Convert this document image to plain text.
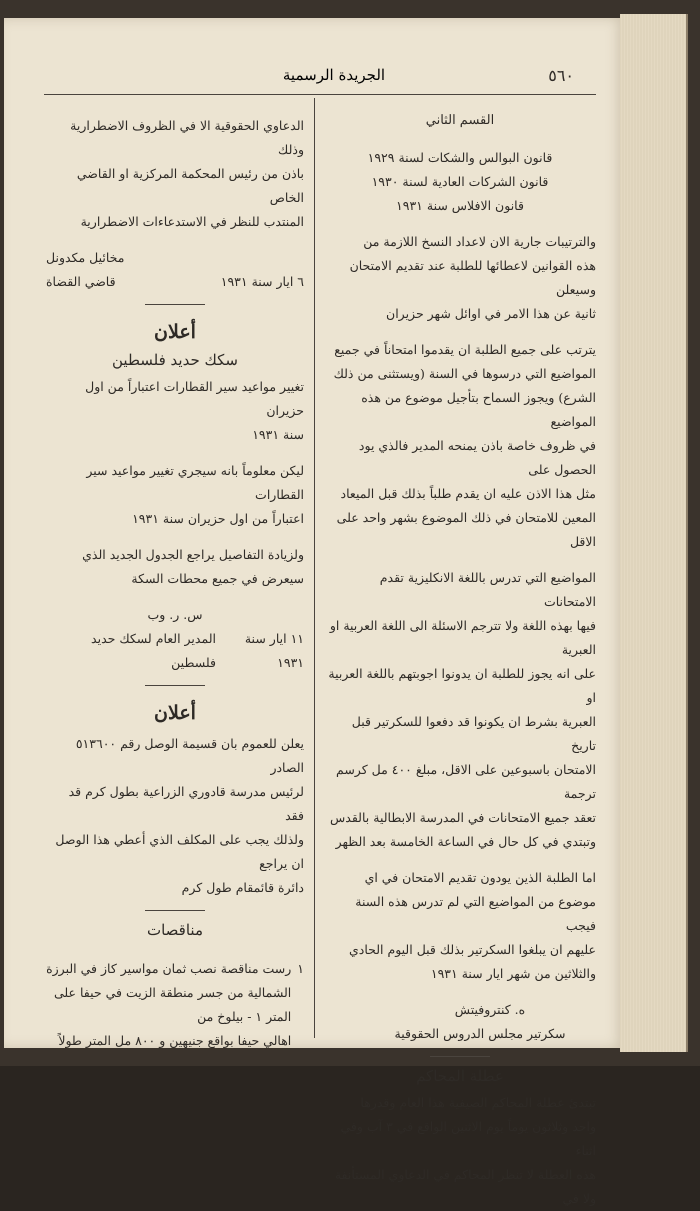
٥٦٠
الجريدة الرسمية

القسم الثاني

قانون البوالس والشكات لسنة ١٩٢٩

قانون الشركات العادية لسنة ١٩٣٠

قانون الافلاس سنة ١٩٣١

والترتيبات جارية الان لاعداد النسخ اللازمة من

هذه القوانين لاعطائها للطلبة عند تقديم الامتحان وسيعلن

ثانية عن هذا الامر في اوائل شهر حزيران

يترتب على جميع الطلبة ان يقدموا امتحاناً في جميع

المواضيع التي درسوها في السنة (ويستثنى من ذلك

الشرع) ويجوز السماح بتأجيل موضوع من هذه المواضيع

في ظروف خاصة باذن يمنحه المدير فالذي يود الحصول على

مثل هذا الاذن عليه ان يقدم طلباً بذلك قبل الميعاد

المعين للامتحان في ذلك الموضوع بشهر واحد على الاقل

المواضيع التي تدرس باللغة الانكليزية تقدم الامتحانات

فيها بهذه اللغة ولا تترجم الاسئلة الى اللغة العربية او العبرية

على انه يجوز للطلبة ان يدونوا اجوبتهم باللغة العربية او

العبرية بشرط ان يكونوا قد دفعوا للسكرتير قبل تاريخ

الامتحان باسبوعين على الاقل، مبلغ ٤٠٠ مل كرسم ترجمة

تعقد جميع الامتحانات في المدرسة الابطالية بالقدس

وتبتدي في كل حال في الساعة الخامسة بعد الظهر

اما الطلبة الذين يودون تقديم الامتحان في اي

موضوع من المواضيع التي لم تدرس هذه السنة فيجب

عليهم ان يبلغوا السكرتير بذلك قبل اليوم الحادي

والثلاثين من شهر ايار سنة ١٩٣١

ه. كنتروفيتش

سكرتير مجلس الدروس الحقوقية

عطلة المحاكم

تبتدئ عطلة المحاكم الصيفية هذا العام وقدرها

واحد وثلاثون يوماً يوم الاثنين الواقع في ٣ آب وفي اثناء

هذه العطلة لا تنظر المحاكم في الدعاوي المستأنفة ولا في

الدعاوي الحقوقية الا في الظروف الاضطرارية وذلك

باذن من رئيس المحكمة المركزية او القاضي الخاص

المنتدب للنظر في الاستدعاءات الاضطرارية

مخائيل مكدونل

٦ ايار سنة ١٩٣١
قاضي القضاة
أعلان
سكك حديد فلسطين

تغيير مواعيد سير القطارات اعتباراً من اول حزيران

سنة ١٩٣١

ليكن معلوماً بانه سيجري تغيير مواعيد سير القطارات

اعتباراً من اول حزيران سنة ١٩٣١

ولزيادة التفاصيل يراجع الجدول الجديد الذي

سيعرض في جميع محطات السكة

س. ر. وب

١١ ايار سنة ١٩٣١
المدير العام لسكك حديد فلسطين
أعلان

يعلن للعموم بان قسيمة الوصل رقم ٥١٣٦٠٠ الصادر

لرئيس مدرسة قادوري الزراعية بطول كرم قد فقد

ولذلك يجب على المكلف الذي أعطي هذا الوصل ان يراجع

دائرة قائمقام طول كرم

مناقصات
١

رست مناقصة نصب ثمان مواسير كاز في البرزة

الشمالية من جسر منطقة الزيت في حيفا على المتر ١ - بيلوخ من

اهالي حيفا بواقع جنيهين و ٨٠٠ مل المتر طولاً
